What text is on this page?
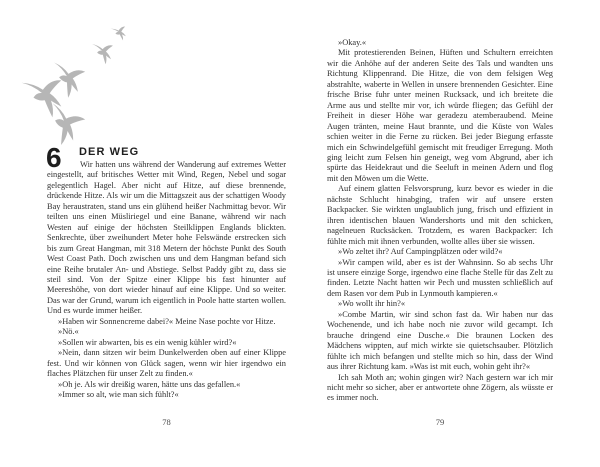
6 DER WEG

Wir hatten uns während der Wanderung auf extremes Wetter eingestellt, auf britisches Wetter mit Wind, Regen, Nebel und sogar gelegentlich Hagel. Aber nicht auf Hitze, auf diese brennende, drückende Hitze. Als wir um die Mittagszeit aus der schattigen Woody Bay heraustraten, stand uns ein glühend heißer Nachmittag bevor. Wir teilten uns einen Müsliriegel und eine Banane, während wir nach Westen auf einige der höchsten Steilklippen Englands blickten. Senkrechte, über zweihundert Meter hohe Felswände erstrecken sich bis zum Great Hangman, mit 318 Metern der höchste Punkt des South West Coast Path. Doch zwischen uns und dem Hangman befand sich eine Reihe brutaler An- und Abstiege. Selbst Paddy gibt zu, dass sie steil sind. Von der Spitze einer Klippe bis fast hinunter auf Meereshöhe, von dort wieder hinauf auf eine Klippe. Und so weiter. Das war der Grund, warum ich eigentlich in Poole hatte starten wollen. Und es wurde immer heißer.

»Haben wir Sonnencreme dabei?« Meine Nase pochte vor Hitze.

»Nö.«

»Sollen wir abwarten, bis es ein wenig kühler wird?«

»Nein, dann sitzen wir beim Dunkelwerden oben auf einer Klippe fest. Und wir können von Glück sagen, wenn wir hier irgendwo ein flaches Plätzchen für unser Zelt zu finden.«

»Oh je. Als wir dreißig waren, hätte uns das gefallen.«

»Immer so alt, wie man sich fühlt?«

78

»Okay.«

Mit protestierenden Beinen, Hüften und Schultern erreichten wir die Anhöhe auf der anderen Seite des Tals und wandten uns Richtung Klippenrand. Die Hitze, die von dem felsigen Weg abstrahlte, waberte in Wellen in unsere brennenden Gesichter. Eine frische Brise fuhr unter meinen Rucksack, und ich breitete die Arme aus und stellte mir vor, ich würde fliegen; das Gefühl der Freiheit in dieser Höhe war geradezu atemberaubend. Meine Augen tränten, meine Haut brannte, und die Küste von Wales schien weiter in die Ferne zu rücken. Bei jeder Biegung erfasste mich ein Schwindelgefühl gemischt mit freudiger Erregung. Moth ging leicht zum Felsen hin geneigt, weg vom Abgrund, aber ich spürte das Heidekraut und die Seeluft in meinen Adern und flog mit den Möwen um die Wette.

Auf einem glatten Felsvorsprung, kurz bevor es wieder in die nächste Schlucht hinabging, trafen wir auf unsere ersten Backpacker. Sie wirkten unglaublich jung, frisch und effizient in ihren identischen blauen Wandershorts und mit den schicken, nagelneuen Rucksäcken. Trotzdem, es waren Backpacker: Ich fühlte mich mit ihnen verbunden, wollte alles über sie wissen.

»Wo zeltet ihr? Auf Campingplätzen oder wild?«

»Wir campen wild, aber es ist der Wahnsinn. So ab sechs Uhr ist unsere einzige Sorge, irgendwo eine flache Stelle für das Zelt zu finden. Letzte Nacht hatten wir Pech und mussten schließlich auf dem Rasen vor dem Pub in Lynmouth kampieren.«

»Wo wollt ihr hin?«

»Combe Martin, wir sind schon fast da. Wir haben nur das Wochenende, und ich habe noch nie zuvor wild gecampt. Ich brauche dringend eine Dusche.« Die braunen Locken des Mädchens wippten, auf mich wirkte sie quietschsauber. Plötzlich fühlte ich mich befangen und stellte mich so hin, dass der Wind aus ihrer Richtung kam. »Was ist mit euch, wohin geht ihr?«

Ich sah Moth an; wohin gingen wir? Nach gestern war ich mir nicht mehr so sicher, aber er antwortete ohne Zögern, als wüsste er es immer noch.

79
